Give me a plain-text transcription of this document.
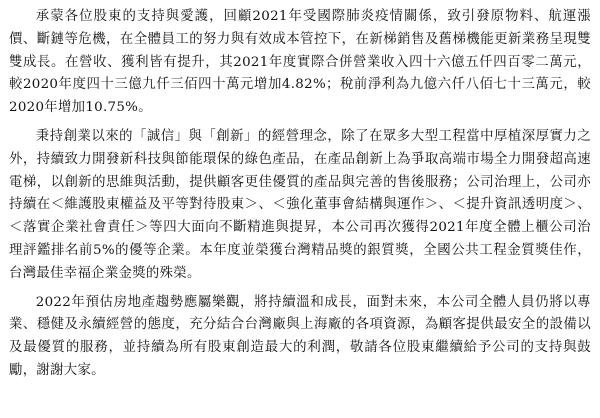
承蒙各位股東的支持與愛護，回顧2021年受國際肺炎疫情關係，致引發原物料、航運漲價、斷鏈等危機，在全體員工的努力與有效成本管控下，在新梯銷售及舊梯機能更新業務呈現雙雙成長。在營收、獲利皆有提升，其2021年度實際合併營業收入四十六億五仟四百零二萬元，較2020年度四十三億九仟三佰四十萬元增加4.82%；稅前淨利為九億六仟八佰七十三萬元，較2020年增加10.75%。

秉持創業以來的「誠信」與「創新」的經營理念，除了在眾多大型工程當中厚植深厚實力之外，持續致力開發新科技與節能環保的綠色產品，在產品創新上為爭取高端市場全力開發超高速電梯，以創新的思維與活動，提供顧客更佳優質的產品與完善的售後服務；公司治理上，公司亦持續在＜維護股東權益及平等對待股東＞、＜強化董事會結構與運作＞、＜提升資訊透明度＞、＜落實企業社會責任＞等四大面向不斷精進與提昇，本公司再次獲得2021年度全體上櫃公司治理評鑑排名前5%的優等企業。本年度並榮獲台灣精品獎的銀質獎，全國公共工程金質獎佳作，台灣最佳幸福企業金獎的殊榮。

2022年預估房地產趨勢應屬樂觀，將持續溫和成長，面對未來，本公司全體人員仍將以專業、穩健及永續經營的態度，充分結合台灣廠與上海廠的各項資源，為顧客提供最安全的設備以及最優質的服務，並持續為所有股東創造最大的利潤，敬請各位股東繼續給予公司的支持與鼓勵，謝謝大家。
